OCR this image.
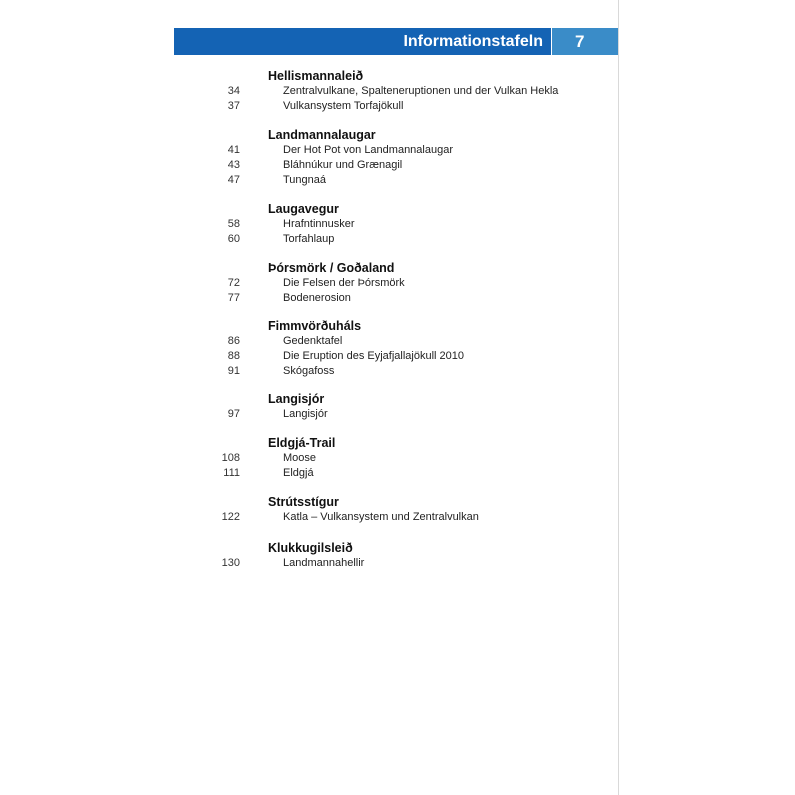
Informationstafeln 7
Hellismannaleið
34	Zentralvulkane, Spalteneruptionen und der Vulkan Hekla
37	Vulkansystem Torfajökull
Landmannalaugar
41	Der Hot Pot von Landmannalaugar
43	Bláhnúkur und Grænagil
47	Tungnaá
Laugavegur
58	Hrafntinnusker
60	Torfahlaup
Þórsmörk / Goðaland
72	Die Felsen der Þórsmörk
77	Bodenerosion
Fimmvörðuháls
86	Gedenktafel
88	Die Eruption des Eyjafjallajökull 2010
91	Skógafoss
Langisjór
97	Langisjór
Eldgjá-Trail
108	Moose
111	Eldgjá
Strútsstígur
122	Katla – Vulkansystem und Zentralvulkan
Klukkugilsleið
130	Landmannahellir
